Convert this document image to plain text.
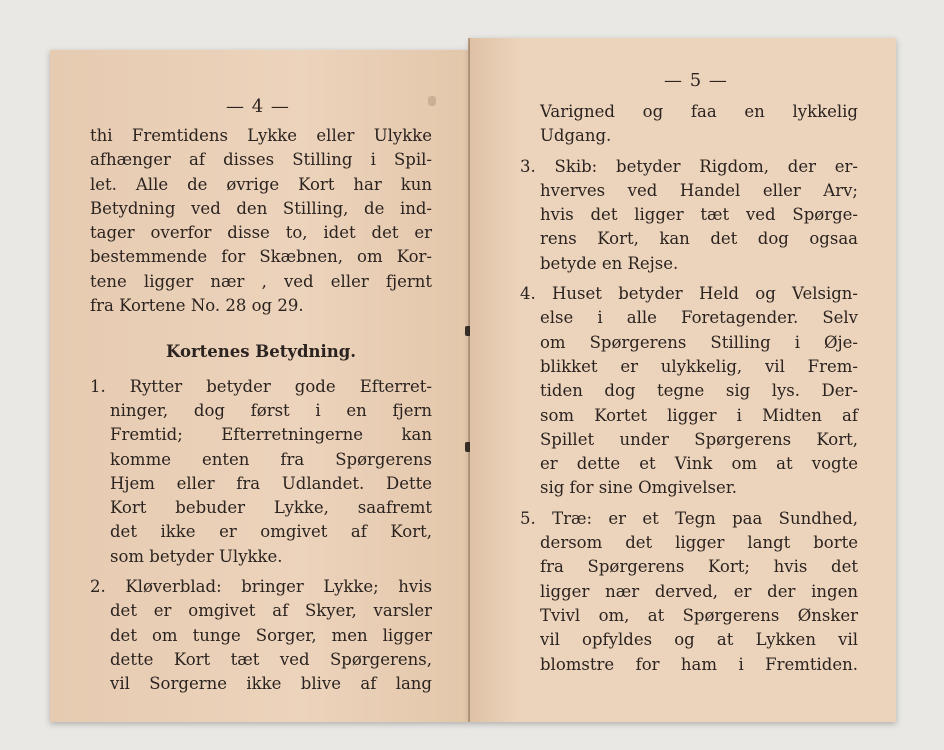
— 4 —
thi Fremtidens Lykke eller Ulykke
afhænger af disses Stilling i Spil-
let. Alle de øvrige Kort har kun
Betydning ved den Stilling, de ind-
tager overfor disse to, idet det er
bestemmende for Skæbnen, om Kor-
tene ligger nær , ved eller fjernt
fra Kortene No. 28 og 29.
Kortenes Betydning.
1. Rytter betyder gode Efterret-
ninger, dog først i en fjern
Fremtid; Efterretningerne kan
komme enten fra Spørgerens
Hjem eller fra Udlandet. Dette
Kort bebuder Lykke, saafremt
det ikke er omgivet af Kort,
som betyder Ulykke.
2. Kløverblad: bringer Lykke; hvis
det er omgivet af Skyer, varsler
det om tunge Sorger, men ligger
dette Kort tæt ved Spørgerens,
vil Sorgerne ikke blive af lang
— 5 —
Varigned og faa en lykkelig
Udgang.
3. Skib: betyder Rigdom, der er-
hverves ved Handel eller Arv;
hvis det ligger tæt ved Spørge-
rens Kort, kan det dog ogsaa
betyde en Rejse.
4. Huset betyder Held og Velsign-
else i alle Foretagender. Selv
om Spørgerens Stilling i Øje-
blikket er ulykkelig, vil Frem-
tiden dog tegne sig lys. Der-
som Kortet ligger i Midten af
Spillet under Spørgerens Kort,
er dette et Vink om at vogte
sig for sine Omgivelser.
5. Træ: er et Tegn paa Sundhed,
dersom det ligger langt borte
fra Spørgerens Kort; hvis det
ligger nær derved, er der ingen
Tvivl om, at Spørgerens Ønsker
vil opfyldes og at Lykken vil
blomstre for ham i Fremtiden.
